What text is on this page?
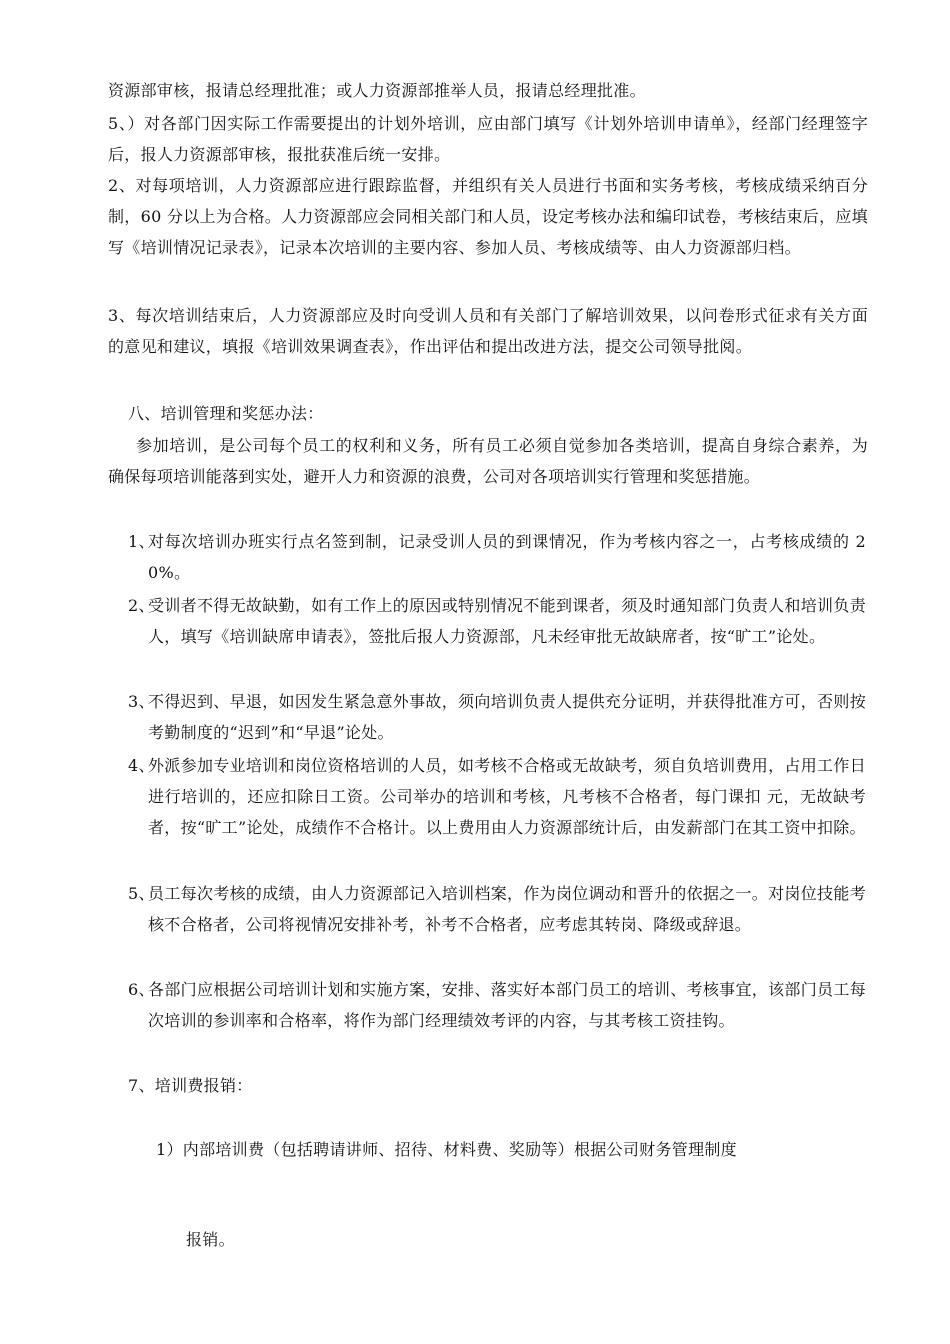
资源部审核，报请总经理批准；或人力资源部推举人员，报请总经理批准。
5、）对各部门因实际工作需要提出的计划外培训，应由部门填写《计划外培训申请单》，经部门经理签字后，报人力资源部审核，报批获准后统一安排。
2、对每项培训，人力资源部应进行跟踪监督，并组织有关人员进行书面和实务考核，考核成绩采纳百分制，60 分以上为合格。人力资源部应会同相关部门和人员，设定考核办法和编印试卷，考核结束后，应填写《培训情况记录表》，记录本次培训的主要内容、参加人员、考核成绩等、由人力资源部归档。
3、每次培训结束后，人力资源部应及时向受训人员和有关部门了解培训效果，以问卷形式征求有关方面的意见和建议，填报《培训效果调查表》，作出评估和提出改进方法，提交公司领导批阅。
八、培训管理和奖惩办法：
参加培训，是公司每个员工的权利和义务，所有员工必须自觉参加各类培训，提高自身综合素养，为确保每项培训能落到实处，避开人力和资源的浪费，公司对各项培训实行管理和奖惩措施。
1、
对每次培训办班实行点名签到制，记录受训人员的到课情况，作为考核内容之一，占考核成绩的 20%。
2、
受训者不得无故缺勤，如有工作上的原因或特别情况不能到课者，须及时通知部门负责人和培训负责人，填写《培训缺席申请表》，签批后报人力资源部，凡未经审批无故缺席者，按“旷工”论处。
3、
不得迟到、早退，如因发生紧急意外事故，须向培训负责人提供充分证明，并获得批准方可，否则按考勤制度的“迟到”和“早退”论处。
4、
外派参加专业培训和岗位资格培训的人员，如考核不合格或无故缺考，须自负培训费用，占用工作日进行培训的，还应扣除日工资。公司举办的培训和考核，凡考核不合格者，每门课扣 元，无故缺考者，按“旷工”论处，成绩作不合格计。以上费用由人力资源部统计后，由发薪部门在其工资中扣除。
5、
员工每次考核的成绩，由人力资源部记入培训档案，作为岗位调动和晋升的依据之一。对岗位技能考核不合格者，公司将视情况安排补考，补考不合格者，应考虑其转岗、降级或辞退。
6、
各部门应根据公司培训计划和实施方案，安排、落实好本部门员工的培训、考核事宜，该部门员工每次培训的参训率和合格率，将作为部门经理绩效考评的内容，与其考核工资挂钩。
7、培训费报销：
1）内部培训费（包括聘请讲师、招待、材料费、奖励等）根据公司财务管理制度
报销。
